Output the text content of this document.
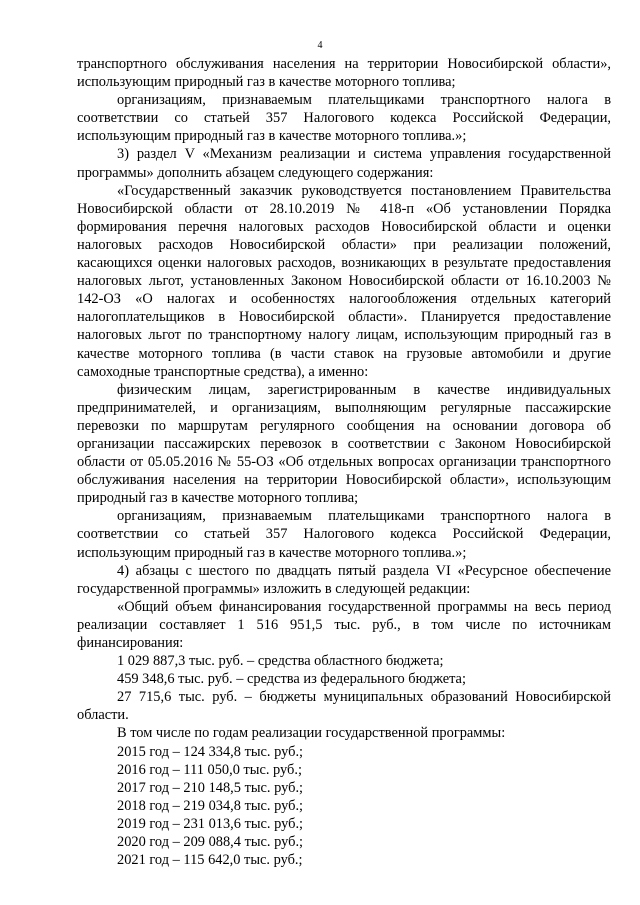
4

транспортного обслуживания населения на территории Новосибирской области», использующим природный газ в качестве моторного топлива;

организациям, признаваемым плательщиками транспортного налога в соответствии со статьей 357 Налогового кодекса Российской Федерации, использующим природный газ в качестве моторного топлива.»;

3) раздел V «Механизм реализации и система управления государственной программы» дополнить абзацем следующего содержания:

«Государственный заказчик руководствуется постановлением Правительства Новосибирской области от 28.10.2019 № 418-п «Об установлении Порядка формирования перечня налоговых расходов Новосибирской области и оценки налоговых расходов Новосибирской области» при реализации положений, касающихся оценки налоговых расходов, возникающих в результате предоставления налоговых льгот, установленных Законом Новосибирской области от 16.10.2003 № 142-ОЗ «О налогах и особенностях налогообложения отдельных категорий налогоплательщиков в Новосибирской области». Планируется предоставление налоговых льгот по транспортному налогу лицам, использующим природный газ в качестве моторного топлива (в части ставок на грузовые автомобили и другие самоходные транспортные средства), а именно:

физическим лицам, зарегистрированным в качестве индивидуальных предпринимателей, и организациям, выполняющим регулярные пассажирские перевозки по маршрутам регулярного сообщения на основании договора об организации пассажирских перевозок в соответствии с Законом Новосибирской области от 05.05.2016 № 55-ОЗ «Об отдельных вопросах организации транспортного обслуживания населения на территории Новосибирской области», использующим природный газ в качестве моторного топлива;

организациям, признаваемым плательщиками транспортного налога в соответствии со статьей 357 Налогового кодекса Российской Федерации, использующим природный газ в качестве моторного топлива.»;

4) абзацы с шестого по двадцать пятый раздела VI «Ресурсное обеспечение государственной программы» изложить в следующей редакции:

«Общий объем финансирования государственной программы на весь период реализации составляет 1 516 951,5 тыс. руб., в том числе по источникам финансирования:

1 029 887,3 тыс. руб. – средства областного бюджета;

459 348,6 тыс. руб. – средства из федерального бюджета;

27 715,6 тыс. руб. – бюджеты муниципальных образований Новосибирской области.

В том числе по годам реализации государственной программы:

2015 год – 124 334,8 тыс. руб.;

2016 год – 111 050,0 тыс. руб.;

2017 год – 210 148,5 тыс. руб.;

2018 год – 219 034,8 тыс. руб.;

2019 год – 231 013,6 тыс. руб.;

2020 год – 209 088,4 тыс. руб.;

2021 год – 115 642,0 тыс. руб.;
